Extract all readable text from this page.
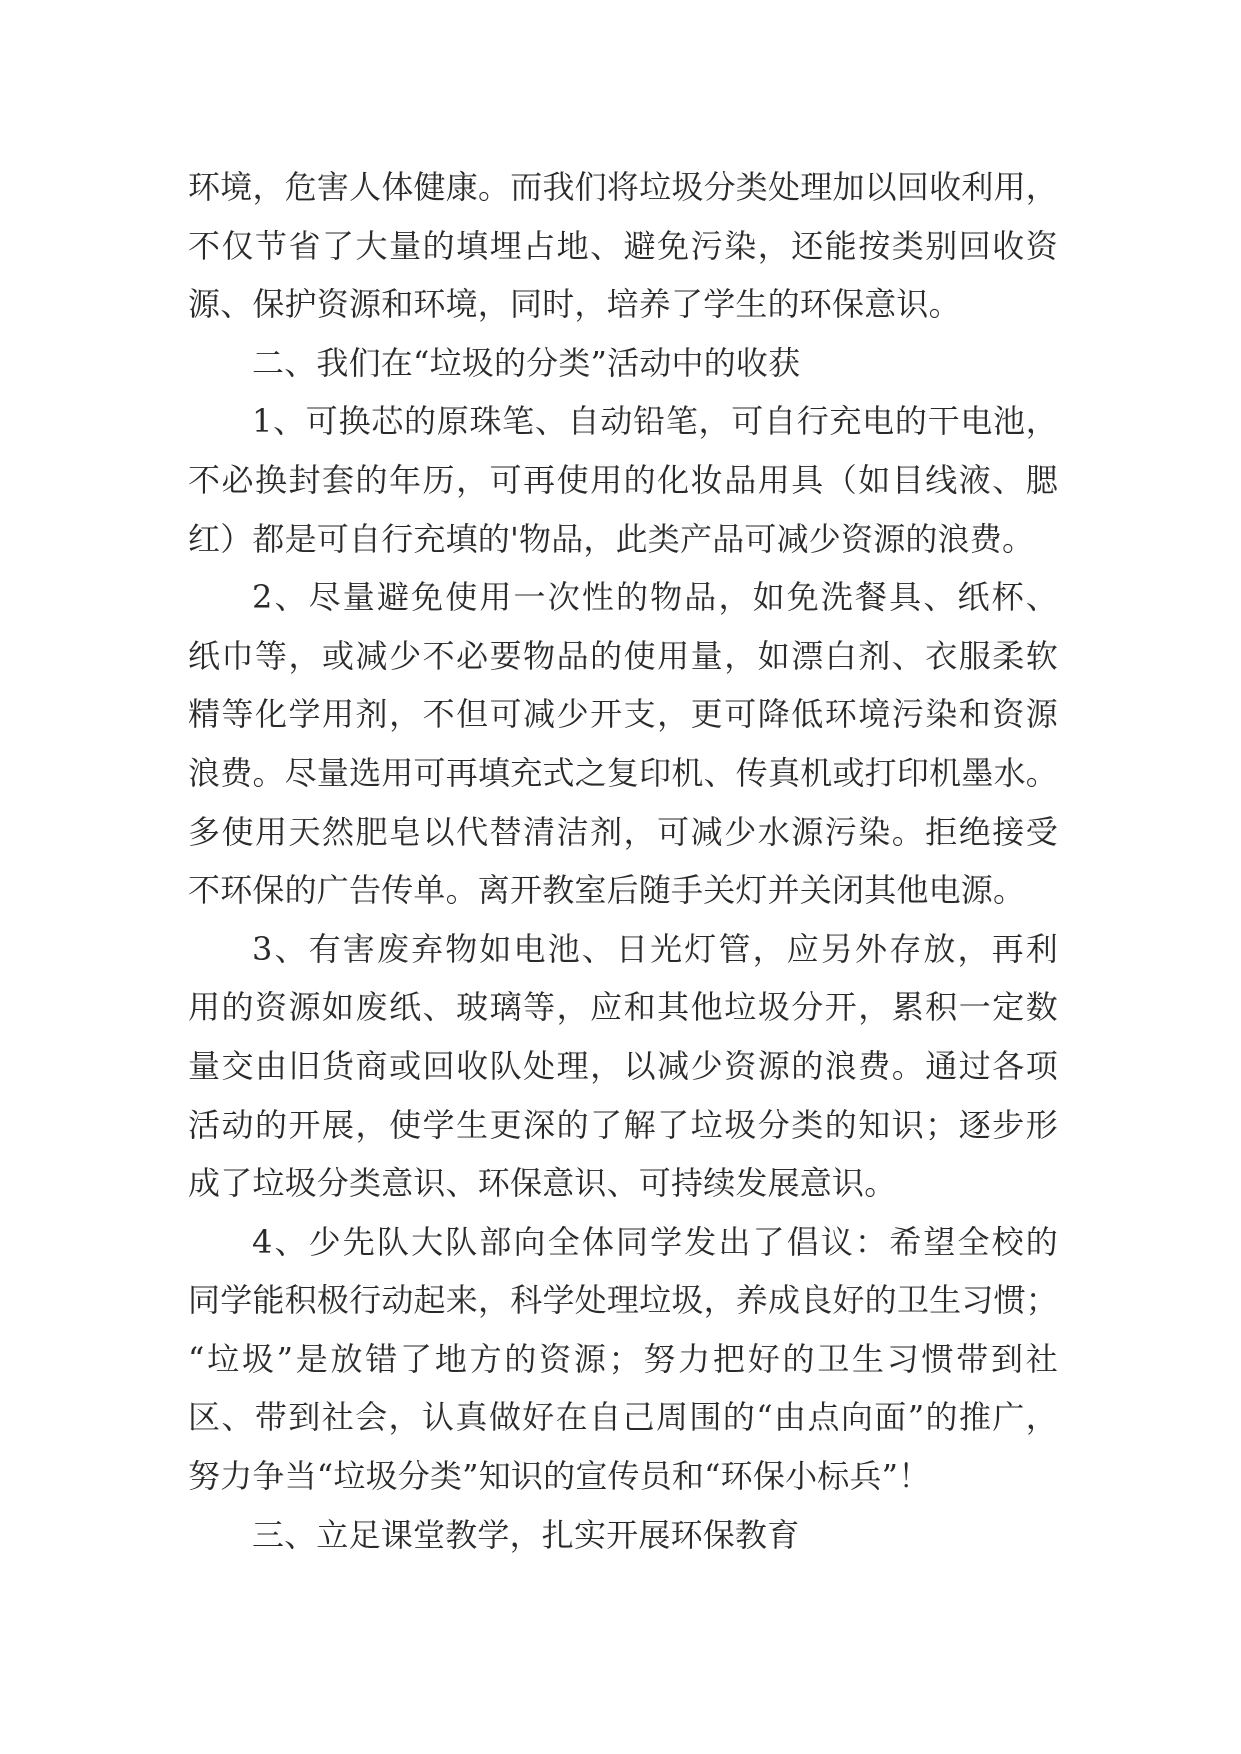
环境，危害人体健康。而我们将垃圾分类处理加以回收利用，
不仅节省了大量的填埋占地、避免污染，还能按类别回收资
源、保护资源和环境，同时，培养了学生的环保意识。
二、我们在“垃圾的分类”活动中的收获
1、可换芯的原珠笔、自动铅笔，可自行充电的干电池，
不必换封套的年历，可再使用的化妆品用具（如目线液、腮
红）都是可自行充填的'物品，此类产品可减少资源的浪费。
2、尽量避免使用一次性的物品，如免洗餐具、纸杯、
纸巾等，或减少不必要物品的使用量，如漂白剂、衣服柔软
精等化学用剂，不但可减少开支，更可降低环境污染和资源
浪费。尽量选用可再填充式之复印机、传真机或打印机墨水。
多使用天然肥皂以代替清洁剂，可减少水源污染。拒绝接受
不环保的广告传单。离开教室后随手关灯并关闭其他电源。
3、有害废弃物如电池、日光灯管，应另外存放，再利
用的资源如废纸、玻璃等，应和其他垃圾分开，累积一定数
量交由旧货商或回收队处理，以减少资源的浪费。通过各项
活动的开展，使学生更深的了解了垃圾分类的知识；逐步形
成了垃圾分类意识、环保意识、可持续发展意识。
4、少先队大队部向全体同学发出了倡议：希望全校的
同学能积极行动起来，科学处理垃圾，养成良好的卫生习惯；
“垃圾”是放错了地方的资源；努力把好的卫生习惯带到社
区、带到社会，认真做好在自己周围的“由点向面”的推广，
努力争当“垃圾分类”知识的宣传员和“环保小标兵”！
三、立足课堂教学，扎实开展环保教育
